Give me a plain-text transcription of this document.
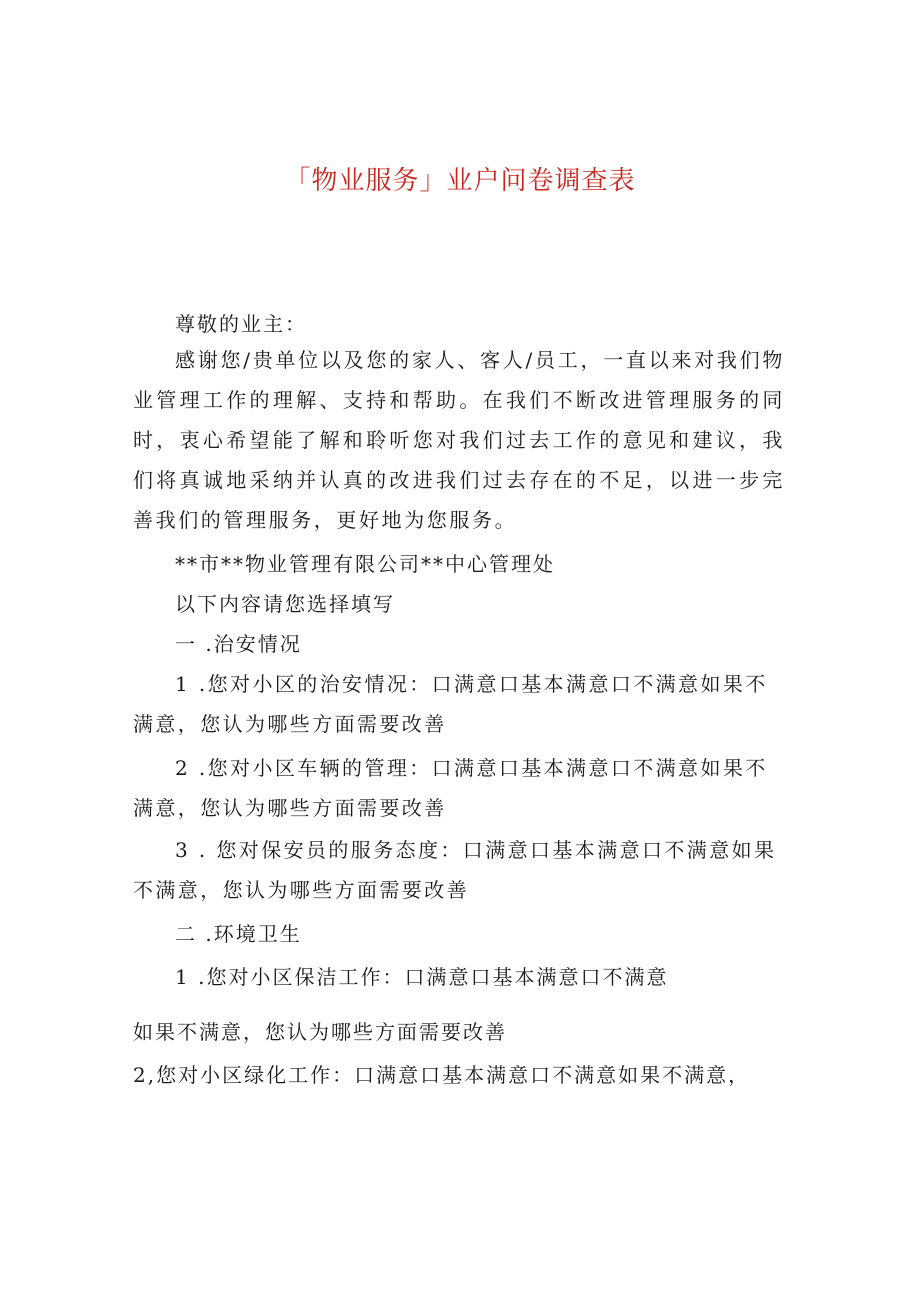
「物业服务」业户问卷调查表

尊敬的业主：

感谢您/贵单位以及您的家人、客人/员工，一直以来对我们物业管理工作的理解、支持和帮助。在我们不断改进管理服务的同时，衷心希望能了解和聆听您对我们过去工作的意见和建议，我们将真诚地采纳并认真的改进我们过去存在的不足，以进一步完善我们的管理服务，更好地为您服务。

**市**物业管理有限公司**中心管理处

以下内容请您选择填写

一 .治安情况

1 .您对小区的治安情况：口满意口基本满意口不满意如果不满意，您认为哪些方面需要改善

2 .您对小区车辆的管理：口满意口基本满意口不满意如果不满意，您认为哪些方面需要改善

3 . 您对保安员的服务态度：口满意口基本满意口不满意如果不满意，您认为哪些方面需要改善

二 .环境卫生

1 .您对小区保洁工作：口满意口基本满意口不满意

如果不满意，您认为哪些方面需要改善

2,您对小区绿化工作：口满意口基本满意口不满意如果不满意，
